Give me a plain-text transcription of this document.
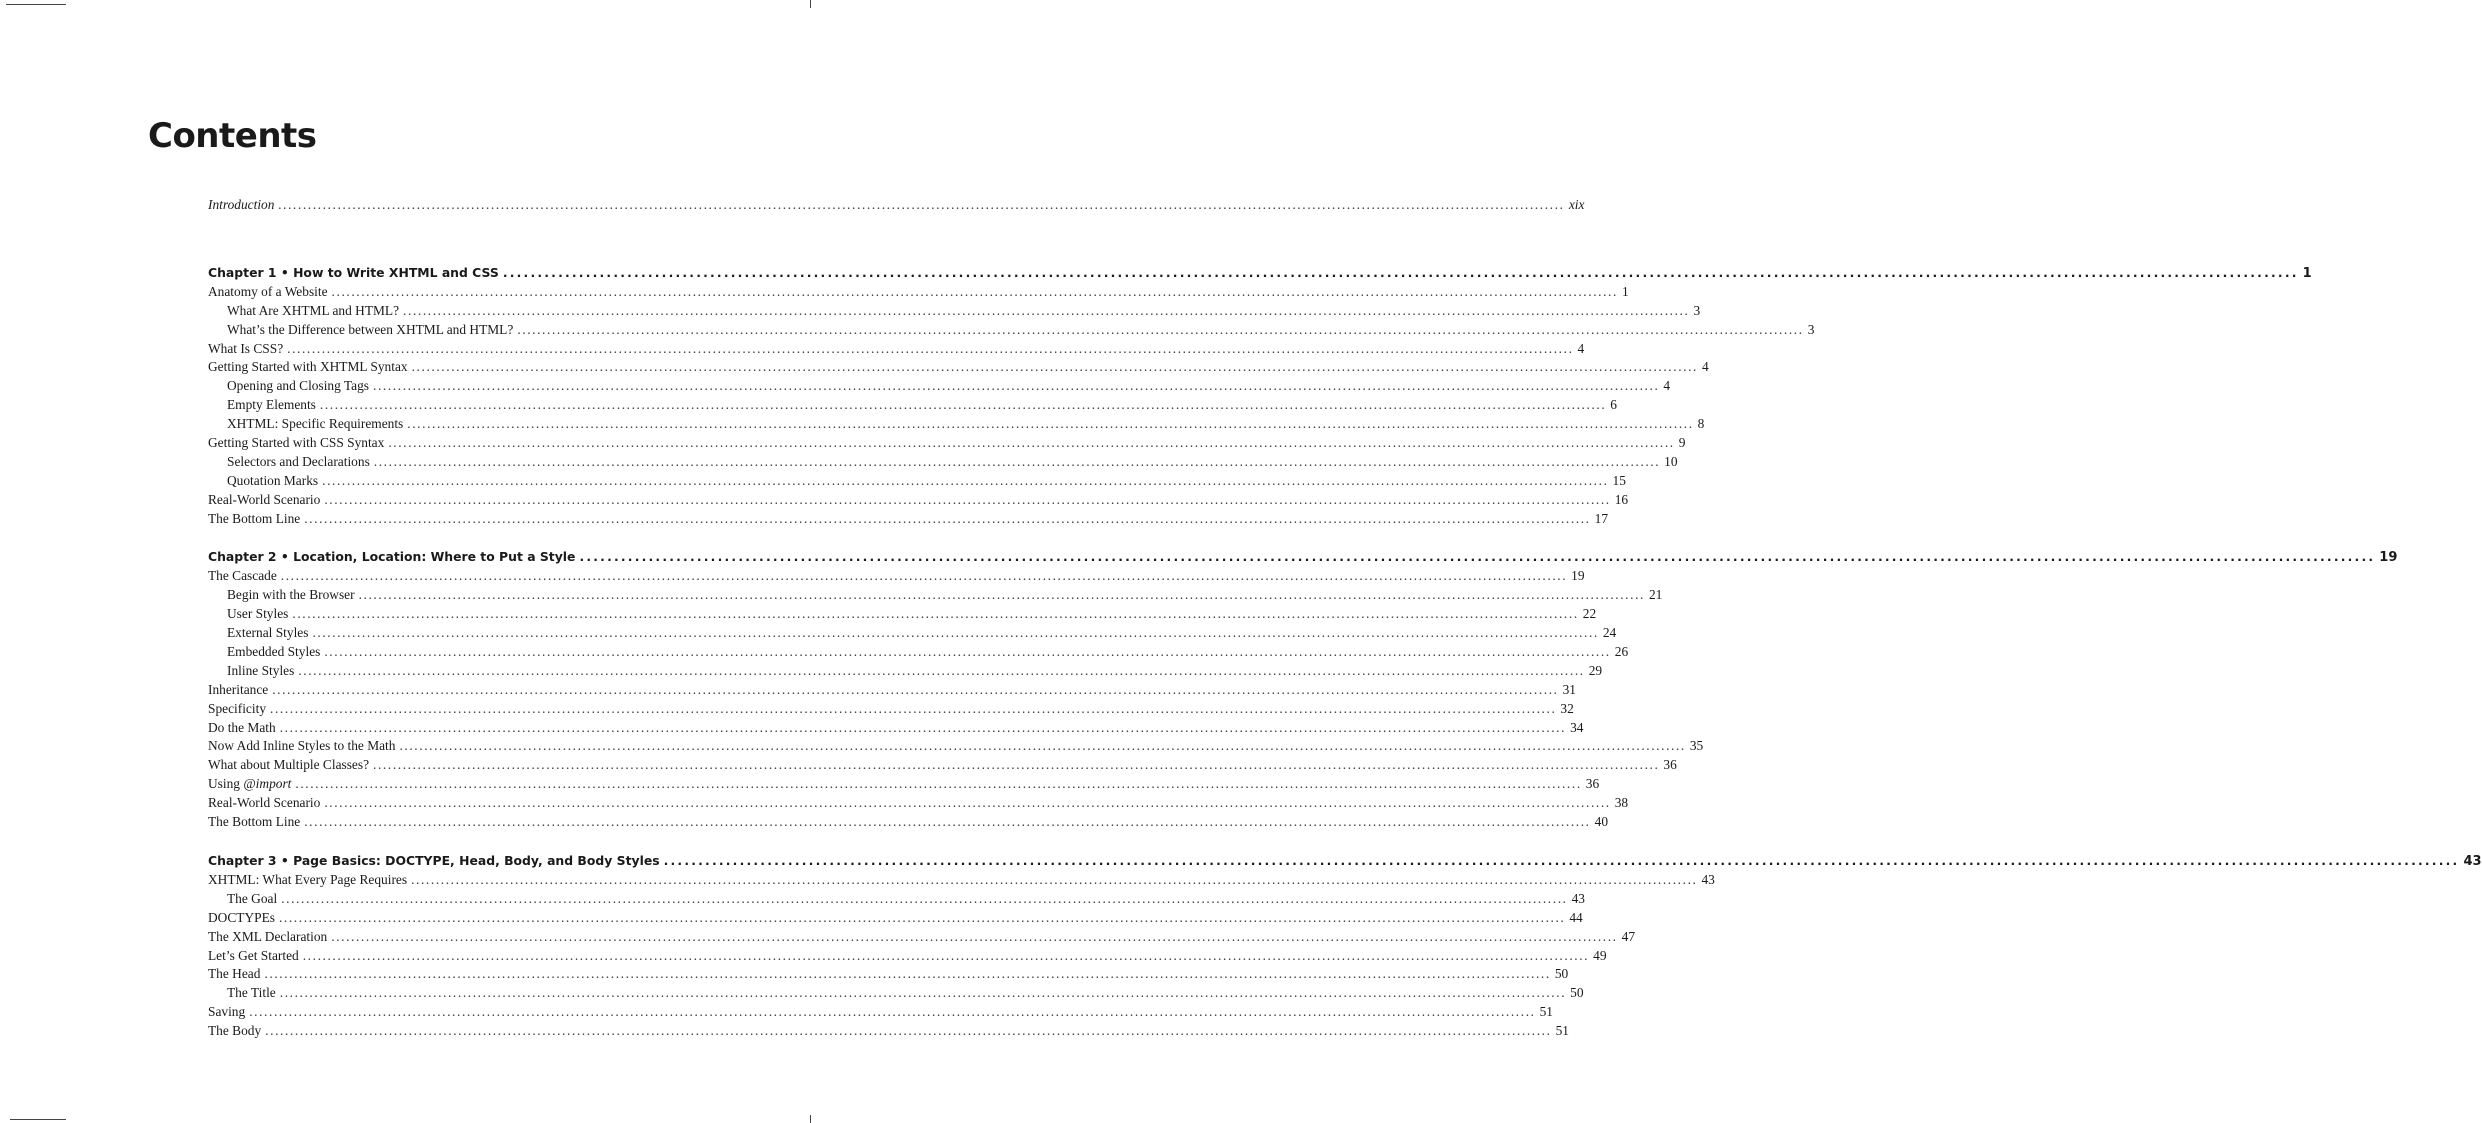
Contents
Introduction .................................................................................................................................................................................................................................................................... xix
Chapter 1 • How to Write XHTML and CSS .................................................................................................................................................................................................................................................................... 1
Anatomy of a Website .................................................................................................................................................................................................................................................................... 1
What Are XHTML and HTML? .................................................................................................................................................................................................................................................................... 3
What’s the Difference between XHTML and HTML? .................................................................................................................................................................................................................................................................... 3
What Is CSS? .................................................................................................................................................................................................................................................................... 4
Getting Started with XHTML Syntax .................................................................................................................................................................................................................................................................... 4
Opening and Closing Tags .................................................................................................................................................................................................................................................................... 4
Empty Elements .................................................................................................................................................................................................................................................................... 6
XHTML: Specific Requirements .................................................................................................................................................................................................................................................................... 8
Getting Started with CSS Syntax .................................................................................................................................................................................................................................................................... 9
Selectors and Declarations .................................................................................................................................................................................................................................................................... 10
Quotation Marks .................................................................................................................................................................................................................................................................... 15
Real-World Scenario .................................................................................................................................................................................................................................................................... 16
The Bottom Line .................................................................................................................................................................................................................................................................... 17
Chapter 2 • Location, Location: Where to Put a Style .................................................................................................................................................................................................................................................................... 19
The Cascade .................................................................................................................................................................................................................................................................... 19
Begin with the Browser .................................................................................................................................................................................................................................................................... 21
User Styles .................................................................................................................................................................................................................................................................... 22
External Styles .................................................................................................................................................................................................................................................................... 24
Embedded Styles .................................................................................................................................................................................................................................................................... 26
Inline Styles .................................................................................................................................................................................................................................................................... 29
Inheritance .................................................................................................................................................................................................................................................................... 31
Specificity .................................................................................................................................................................................................................................................................... 32
Do the Math .................................................................................................................................................................................................................................................................... 34
Now Add Inline Styles to the Math .................................................................................................................................................................................................................................................................... 35
What about Multiple Classes? .................................................................................................................................................................................................................................................................... 36
Using @import .................................................................................................................................................................................................................................................................... 36
Real-World Scenario .................................................................................................................................................................................................................................................................... 38
The Bottom Line .................................................................................................................................................................................................................................................................... 40
Chapter 3 • Page Basics: DOCTYPE, Head, Body, and Body Styles .................................................................................................................................................................................................................................................................... 43
XHTML: What Every Page Requires .................................................................................................................................................................................................................................................................... 43
The Goal .................................................................................................................................................................................................................................................................... 43
DOCTYPEs .................................................................................................................................................................................................................................................................... 44
The XML Declaration .................................................................................................................................................................................................................................................................... 47
Let’s Get Started .................................................................................................................................................................................................................................................................... 49
The Head .................................................................................................................................................................................................................................................................... 50
The Title .................................................................................................................................................................................................................................................................... 50
Saving .................................................................................................................................................................................................................................................................... 51
The Body .................................................................................................................................................................................................................................................................... 51
